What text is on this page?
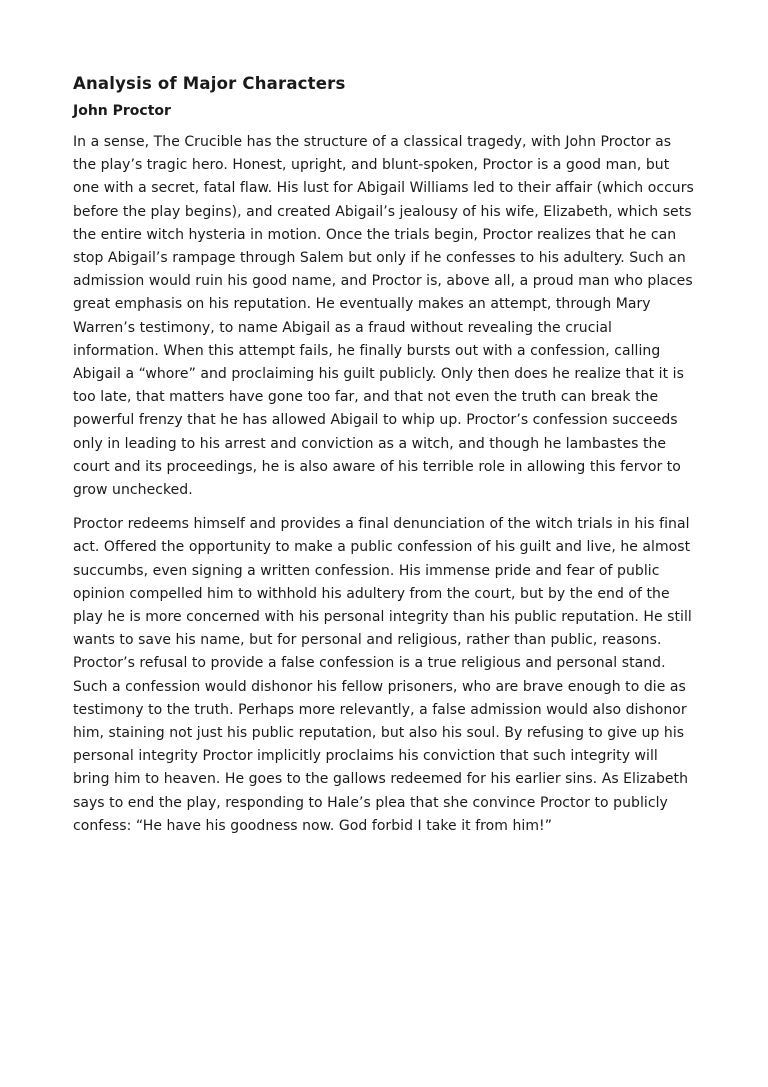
Analysis of Major Characters
John Proctor

In a sense, The Crucible has the structure of a classical tragedy, with John Proctor as the play’s tragic hero. Honest, upright, and blunt-spoken, Proctor is a good man, but one with a secret, fatal flaw. His lust for Abigail Williams led to their affair (which occurs before the play begins), and created Abigail’s jealousy of his wife, Elizabeth, which sets the entire witch hysteria in motion. Once the trials begin, Proctor realizes that he can stop Abigail’s rampage through Salem but only if he confesses to his adultery. Such an admission would ruin his good name, and Proctor is, above all, a proud man who places great emphasis on his reputation. He eventually makes an attempt, through Mary Warren’s testimony, to name Abigail as a fraud without revealing the crucial information. When this attempt fails, he finally bursts out with a confession, calling Abigail a “whore” and proclaiming his guilt publicly. Only then does he realize that it is too late, that matters have gone too far, and that not even the truth can break the powerful frenzy that he has allowed Abigail to whip up. Proctor’s confession succeeds only in leading to his arrest and conviction as a witch, and though he lambastes the court and its proceedings, he is also aware of his terrible role in allowing this fervor to grow unchecked.

Proctor redeems himself and provides a final denunciation of the witch trials in his final act. Offered the opportunity to make a public confession of his guilt and live, he almost succumbs, even signing a written confession. His immense pride and fear of public opinion compelled him to withhold his adultery from the court, but by the end of the play he is more concerned with his personal integrity than his public reputation. He still wants to save his name, but for personal and religious, rather than public, reasons. Proctor’s refusal to provide a false confession is a true religious and personal stand. Such a confession would dishonor his fellow prisoners, who are brave enough to die as testimony to the truth. Perhaps more relevantly, a false admission would also dishonor him, staining not just his public reputation, but also his soul. By refusing to give up his personal integrity Proctor implicitly proclaims his conviction that such integrity will bring him to heaven. He goes to the gallows redeemed for his earlier sins. As Elizabeth says to end the play, responding to Hale’s plea that she convince Proctor to publicly confess: “He have his goodness now. God forbid I take it from him!”
